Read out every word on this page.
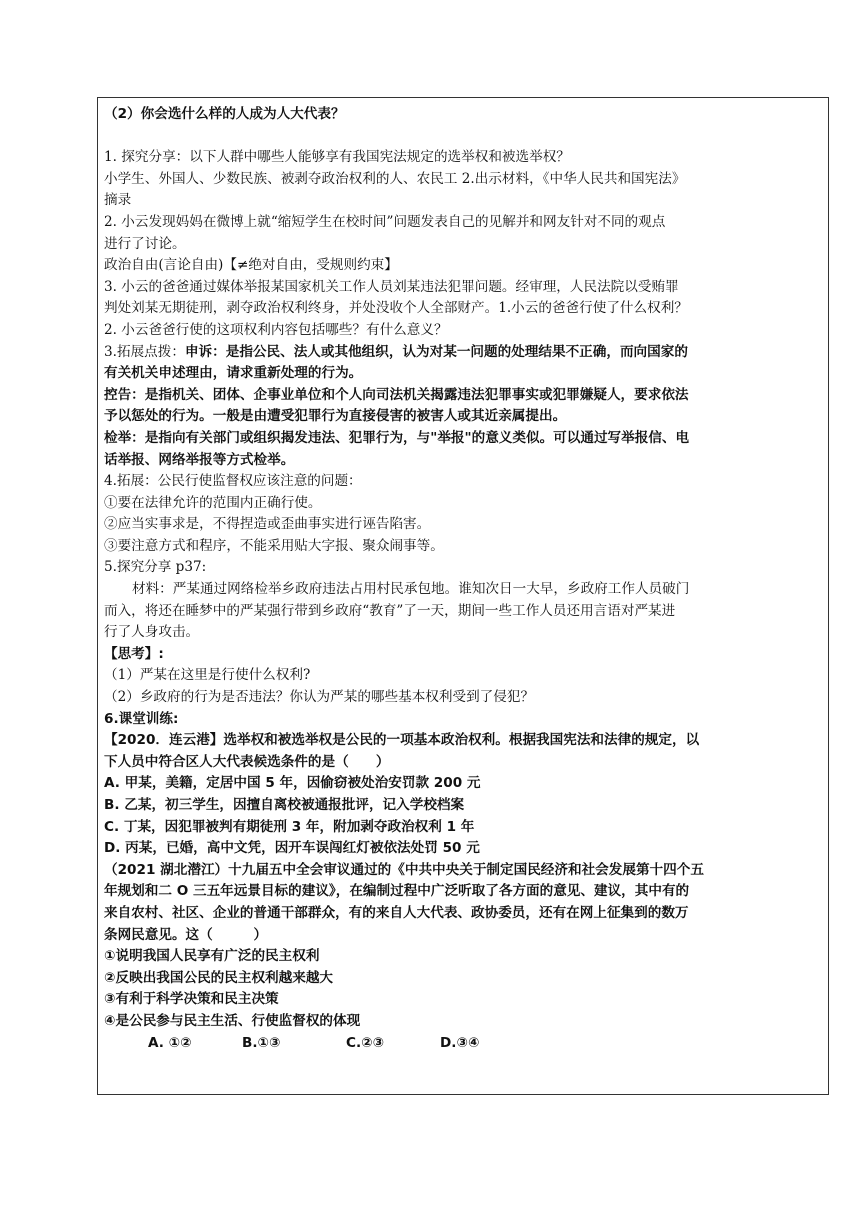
（2）你会选什么样的人成为人大代表？

1. 探究分享：以下人群中哪些人能够享有我国宪法规定的选举权和被选举权？

小学生、外国人、少数民族、被剥夺政治权利的人、农民工 2.出示材料，《中华人民共和国宪法》

摘录

2. 小云发现妈妈在微博上就“缩短学生在校时间”问题发表自己的见解并和网友针对不同的观点

进行了讨论。

政治自由(言论自由)【≠绝对自由，受规则约束】

3. 小云的爸爸通过媒体举报某国家机关工作人员刘某违法犯罪问题。经审理，人民法院以受贿罪

判处刘某无期徒刑，剥夺政治权利终身，并处没收个人全部财产。1.小云的爸爸行使了什么权利？

2. 小云爸爸行使的这项权利内容包括哪些？有什么意义？

3.拓展点拨：申诉：是指公民、法人或其他组织，认为对某一问题的处理结果不正确，而向国家的

有关机关申述理由，请求重新处理的行为。

控告：是指机关、团体、企事业单位和个人向司法机关揭露违法犯罪事实或犯罪嫌疑人，要求依法

予以惩处的行为。一般是由遭受犯罪行为直接侵害的被害人或其近亲属提出。

检举：是指向有关部门或组织揭发违法、犯罪行为，与"举报"的意义类似。可以通过写举报信、电

话举报、网络举报等方式检举。

4.拓展：公民行使监督权应该注意的问题：

①要在法律允许的范围内正确行使。

②应当实事求是，不得捏造或歪曲事实进行诬告陷害。

③要注意方式和程序，不能采用贴大字报、聚众闹事等。

5.探究分享 p37:

材料：严某通过网络检举乡政府违法占用村民承包地。谁知次日一大早，乡政府工作人员破门

而入，将还在睡梦中的严某强行带到乡政府“教育”了一天，期间一些工作人员还用言语对严某进

行了人身攻击。

【思考】:

（1）严某在这里是行使什么权利?

（2）乡政府的行为是否违法？你认为严某的哪些基本权利受到了侵犯？

6.课堂训练:

【2020．连云港】选举权和被选举权是公民的一项基本政治权利。根据我国宪法和法律的规定，以

下人员中符合区人大代表候选条件的是（　　）

A. 甲某，美籍，定居中国 5 年，因偷窃被处治安罚款 200 元

B. 乙某，初三学生，因擅自离校被通报批评，记入学校档案

C. 丁某，因犯罪被判有期徒刑 3 年，附加剥夺政治权利 1 年

D. 丙某，已婚，高中文凭，因开车误闯红灯被依法处罚 50 元

（2021 湖北潜江）十九届五中全会审议通过的《中共中央关于制定国民经济和社会发展第十四个五

年规划和二 O 三五年远景目标的建议》，在编制过程中广泛听取了各方面的意见、建议，其中有的

来自农村、社区、企业的普通干部群众，有的来自人大代表、政协委员，还有在网上征集到的数万

条网民意见。这（　　　）

①说明我国人民享有广泛的民主权利

②反映出我国公民的民主权利越来越大

③有利于科学决策和民主决策

④是公民参与民主生活、行使监督权的体现

A. ①②	B.①③	C.②③	D.③④
